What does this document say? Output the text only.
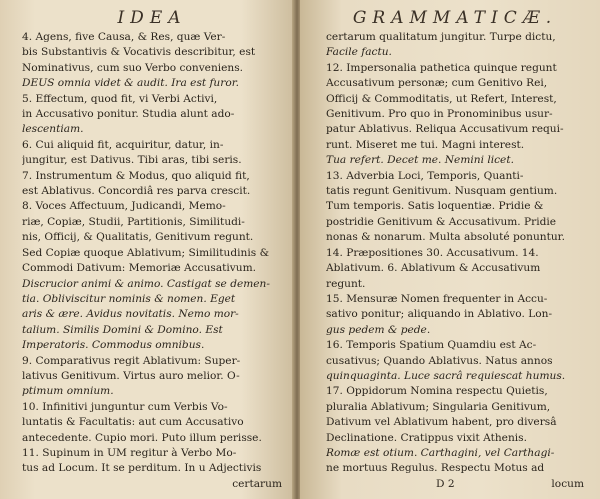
IDEA
4. Agens, five Causa, & Res, quæ Ver-
bis Substantivis & Vocativis describitur, est
Nominativus, cum suo Verbo conveniens.
DEUS omnia videt & audit. Ira est furor.
5. Effectum, quod fit, vi Verbi Activi,
in Accusativo ponitur. Studia alunt ado-
lescentiam.
6. Cui aliquid fit, acquiritur, datur, in-
jungitur, est Dativus. Tibi aras, tibi seris.
7. Instrumentum & Modus, quo aliquid fit,
est Ablativus. Concordiâ res parva crescit.
8. Voces Affectuum, Judicandi, Memo-
riæ, Copiæ, Studii, Partitionis, Similitudi-
nis, Officij, & Qualitatis, Genitivum regunt.
Sed Copiæ quoque Ablativum; Similitudinis &
Commodi Dativum: Memoriæ Accusativum.
Discrucior animi & animo. Castigat se demen-
tia. Obliviscitur nominis & nomen. Eget
aris & ære. Avidus novitatis. Nemo mor-
talium. Similis Domini & Domino. Est
Imperatoris. Commodus omnibus.
9. Comparativus regit Ablativum: Super-
lativus Genitivum. Virtus auro melior. O-
ptimum omnium.
10. Infinitivi junguntur cum Verbis Vo-
luntatis & Facultatis: aut cum Accusativo
antecedente. Cupio mori. Puto illum perisse.
11. Supinum in UM regitur à Verbo Mo-
tus ad Locum. It se perditum. In u Adjectivis
certarum
GRAMMATICÆ.
certarum qualitatum jungitur. Turpe dictu,
Facile factu.
12. Impersonalia pathetica quinque regunt
Accusativum personæ; cum Genitivo Rei,
Officij & Commoditatis, ut Refert, Interest,
Genitivum. Pro quo in Pronominibus usur-
patur Ablativus. Reliqua Accusativum requi-
runt. Miseret me tui. Magni interest.
Tua refert. Decet me. Nemini licet.
13. Adverbia Loci, Temporis, Quanti-
tatis regunt Genitivum. Nusquam gentium.
Tum temporis. Satis loquentiæ. Pridie &
postridie Genitivum & Accusativum. Pridie
nonas & nonarum. Multa absoluté ponuntur.
14. Præpositiones 30. Accusativum. 14.
Ablativum. 6. Ablativum & Accusativum
regunt.
15. Mensuræ Nomen frequenter in Accu-
sativo ponitur; aliquando in Ablativo. Lon-
gus pedem & pede.
16. Temporis Spatium Quamdiu est Ac-
cusativus; Quando Ablativus. Natus annos
quinquaginta. Luce sacrâ requiescat humus.
17. Oppidorum Nomina respectu Quietis,
pluralia Ablativum; Singularia Genitivum,
Dativum vel Ablativum habent, pro diversâ
Declinatione. Cratippus vixit Athenis.
Romæ est otium. Carthagini, vel Carthagi-
ne mortuus Regulus. Respectu Motus ad
D 2	locum
